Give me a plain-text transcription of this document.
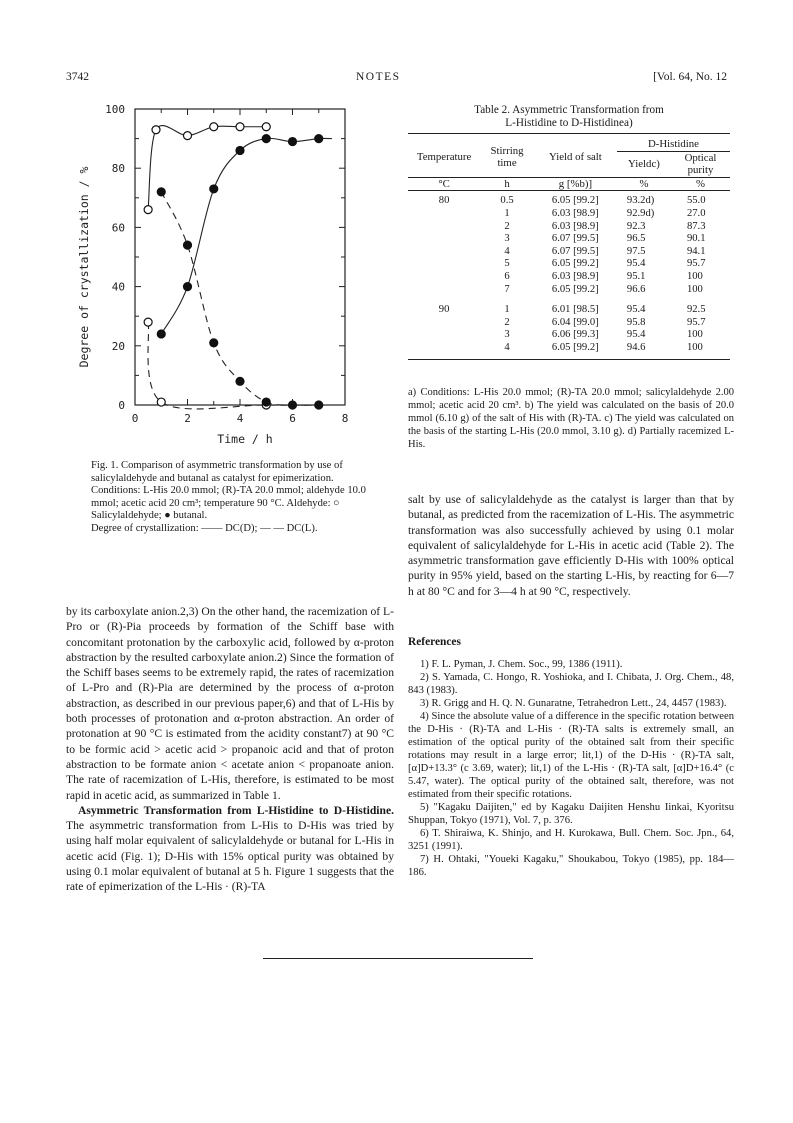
3742	NOTES	[Vol. 64, No. 12
0
20
40
60
80
100
0	2	4	6	8
Time / h
Degree of crystallization / %

Fig. 1. Comparison of asymmetric transformation by use of salicylaldehyde and butanal as catalyst for epimerization.

Conditions: L-His 20.0 mmol; (R)-TA 20.0 mmol; aldehyde 10.0 mmol; acetic acid 20 cm³; temperature 90 °C. Aldehyde: ○ Salicylaldehyde; ● butanal.

Degree of crystallization: —— DC(D); — — DC(L).

by its carboxylate anion.2,3) On the other hand, the racemization of L-Pro or (R)-Pia proceeds by formation of the Schiff base with concomitant protonation by the carboxylic acid, followed by α-proton abstraction by the resulted carboxylate anion.2) Since the formation of the Schiff bases seems to be extremely rapid, the rates of racemization of L-Pro and (R)-Pia are determined by the process of α-proton abstraction, as described in our previous paper,6) and that of L-His by both processes of protonation and α-proton abstraction. An order of protonation at 90 °C is estimated from the acidity constant7) at 90 °C to be formic acid > acetic acid > propanoic acid and that of proton abstraction to be formate anion < acetate anion < propanoate anion. The rate of racemization of L-His, therefore, is estimated to be most rapid in acetic acid, as summarized in Table 1.

Asymmetric Transformation from L-Histidine to D-Histidine. The asymmetric transformation from L-His to D-His was tried by using half molar equivalent of salicylaldehyde or butanal for L-His in acetic acid (Fig. 1); D-His with 15% optical purity was obtained by using 0.1 molar equivalent of butanal at 5 h. Figure 1 suggests that the rate of epimerization of the L-His · (R)-TA

Table 2. Asymmetric Transformation from
L-Histidine to D-Histidinea)
Temperature	Stirring time	Yield of salt	D-Histidine	
			Yieldc)	Optical purity
°C	h	g [%b)]	%	%

80	0.5	6.05 [99.2]	93.2d)	55.0
	1	6.03 [98.9]	92.9d)	27.0
	2	6.03 [98.9]	92.3	87.3
	3	6.07 [99.5]	96.5	90.1
	4	6.07 [99.5]	97.5	94.1
	5	6.05 [99.2]	95.4	95.7
	6	6.03 [98.9]	95.1	100
	7	6.05 [99.2]	96.6	100
90	1	6.01 [98.5]	95.4	92.5
	2	6.04 [99.0]	95.8	95.7
	3	6.06 [99.3]	95.4	100
	4	6.05 [99.2]	94.6	100

a) Conditions: L-His 20.0 mmol; (R)-TA 20.0 mmol; salicylaldehyde 2.00 mmol; acetic acid 20 cm³. b) The yield was calculated on the basis of 20.0 mmol (6.10 g) of the salt of His with (R)-TA. c) The yield was calculated on the basis of the starting L-His (20.0 mmol, 3.10 g). d) Partially racemized L-His.

salt by use of salicylaldehyde as the catalyst is larger than that by butanal, as predicted from the racemization of L-His. The asymmetric transformation was also successfully achieved by using 0.1 molar equivalent of salicylaldehyde for L-His in acetic acid (Table 2). The asymmetric transformation gave efficiently D-His with 100% optical purity in 95% yield, based on the starting L-His, by reacting for 6—7 h at 80 °C and for 3—4 h at 90 °C, respectively.

References

1) F. L. Pyman, J. Chem. Soc., 99, 1386 (1911).

2) S. Yamada, C. Hongo, R. Yoshioka, and I. Chibata, J. Org. Chem., 48, 843 (1983).

3) R. Grigg and H. Q. N. Gunaratne, Tetrahedron Lett., 24, 4457 (1983).

4) Since the absolute value of a difference in the specific rotation between the D-His · (R)-TA and L-His · (R)-TA salts is extremely small, an estimation of the optical purity of the obtained salt from their specific rotations may result in a large error; lit,1) of the D-His · (R)-TA salt, [α]D+13.3° (c 3.69, water); lit,1) of the L-His · (R)-TA salt, [α]D+16.4° (c 5.47, water). The optical purity of the obtained salt, therefore, was not estimated from their specific rotations.

5) "Kagaku Daijiten," ed by Kagaku Daijiten Henshu Iinkai, Kyoritsu Shuppan, Tokyo (1971), Vol. 7, p. 376.

6) T. Shiraiwa, K. Shinjo, and H. Kurokawa, Bull. Chem. Soc. Jpn., 64, 3251 (1991).

7) H. Ohtaki, "Youeki Kagaku," Shoukabou, Tokyo (1985), pp. 184—186.
